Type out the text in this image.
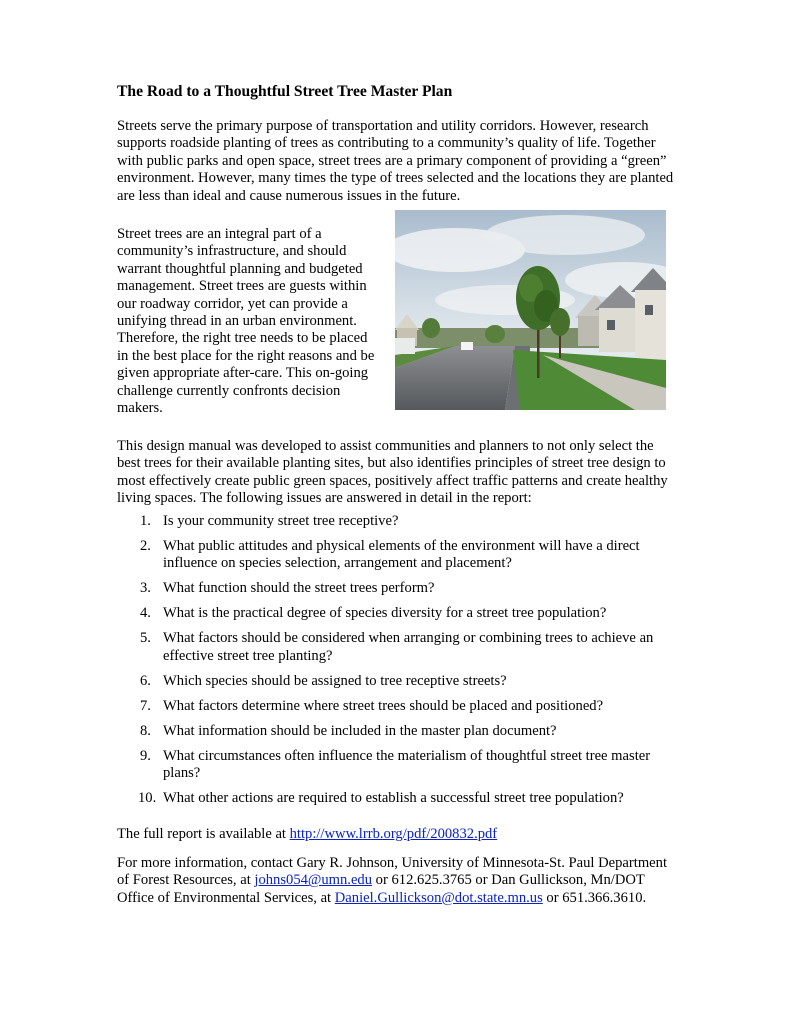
The Road to a Thoughtful Street Tree Master Plan

Streets serve the primary purpose of transportation and utility corridors. However, research supports roadside planting of trees as contributing to a community’s quality of life. Together with public parks and open space, street trees are a primary component of providing a “green” environment. However, many times the type of trees selected and the locations they are planted are less than ideal and cause numerous issues in the future.

Street trees are an integral part of a community’s infrastructure, and should warrant thoughtful planning and budgeted management. Street trees are guests within our roadway corridor, yet can provide a unifying thread in an urban environment. Therefore, the right tree needs to be placed in the best place for the right reasons and be given appropriate after-care. This on-going challenge currently confronts decision makers.

This design manual was developed to assist communities and planners to not only select the best trees for their available planting sites, but also identifies principles of street tree design to most effectively create public green spaces, positively affect traffic patterns and create healthy living spaces. The following issues are answered in detail in the report:

1. Is your community street tree receptive?
2. What public attitudes and physical elements of the environment will have a direct influence on species selection, arrangement and placement?
3. What function should the street trees perform?
4. What is the practical degree of species diversity for a street tree population?
5. What factors should be considered when arranging or combining trees to achieve an effective street tree planting?
6. Which species should be assigned to tree receptive streets?
7. What factors determine where street trees should be placed and positioned?
8. What information should be included in the master plan document?
9. What circumstances often influence the materialism of thoughtful street tree master plans?
10. What other actions are required to establish a successful street tree population?

The full report is available at http://www.lrrb.org/pdf/200832.pdf

For more information, contact Gary R. Johnson, University of Minnesota-St. Paul Department of Forest Resources, at johns054@umn.edu or 612.625.3765 or Dan Gullickson, Mn/DOT Office of Environmental Services, at Daniel.Gullickson@dot.state.mn.us or 651.366.3610.
